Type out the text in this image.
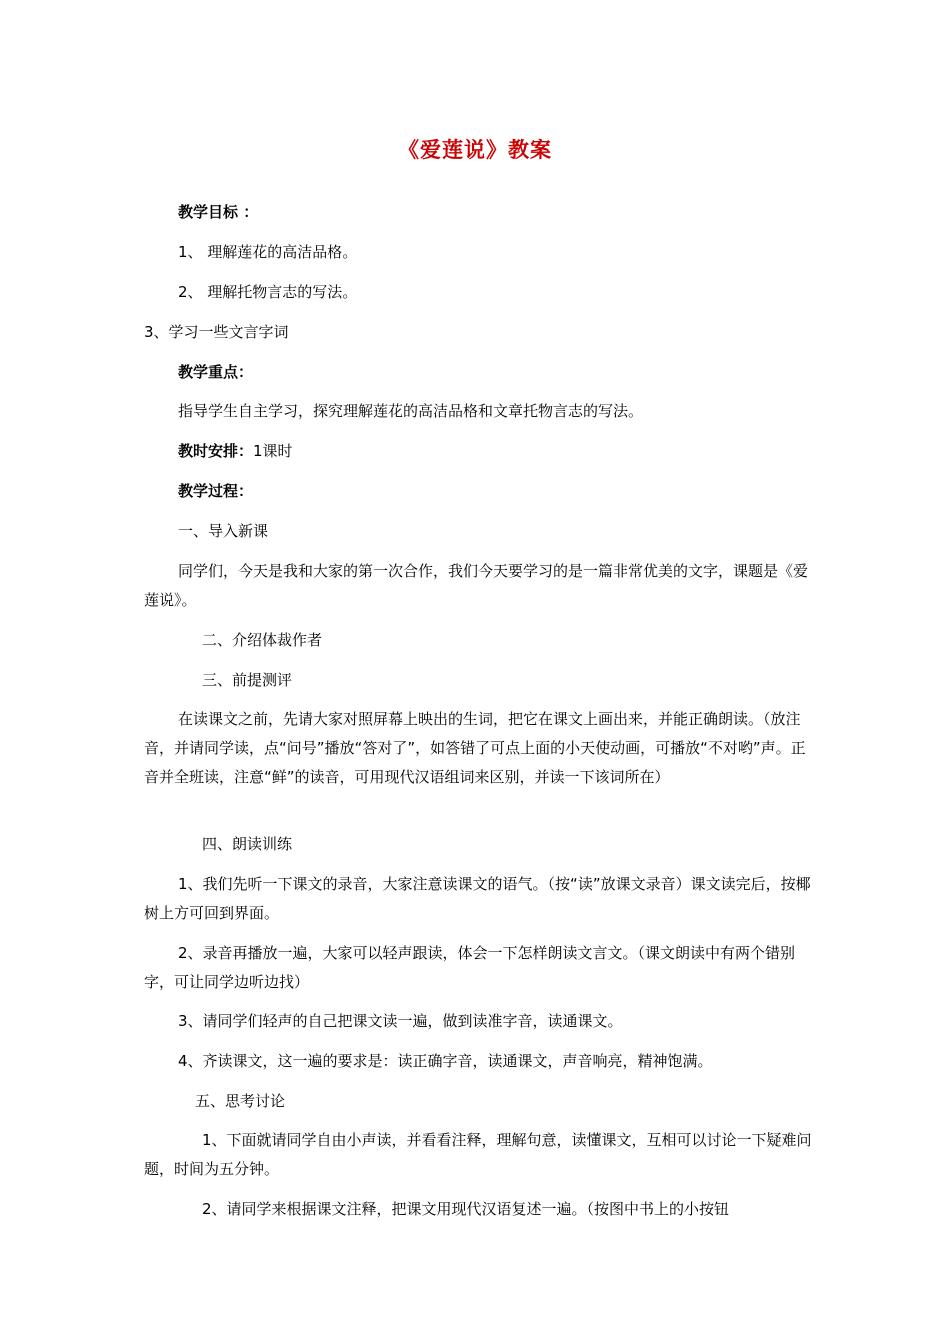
《爱莲说》教案
教学目标 ：
1、 理解莲花的高洁品格。
2、 理解托物言志的写法。
3、学习一些文言字词
教学重点：
指导学生自主学习，探究理解莲花的高洁品格和文章托物言志的写法。
教时安排：1课时
教学过程：
一、导入新课
同学们，今天是我和大家的第一次合作，我们今天要学习的是一篇非常优美的文字，课题是《爱莲说》。
二、介绍体裁作者
三、前提测评
在读课文之前，先请大家对照屏幕上映出的生词，把它在课文上画出来，并能正确朗读。（放注音，并请同学读，点“问号”播放“答对了”，如答错了可点上面的小天使动画，可播放“不对哟”声。正音并全班读，注意“鲜”的读音，可用现代汉语组词来区别，并读一下该词所在）
四、朗读训练
1、我们先听一下课文的录音，大家注意读课文的语气。（按“读”放课文录音）课文读完后，按椰树上方可回到界面。
2、录音再播放一遍，大家可以轻声跟读，体会一下怎样朗读文言文。（课文朗读中有两个错别字，可让同学边听边找）
3、请同学们轻声的自己把课文读一遍，做到读准字音，读通课文。
4、齐读课文，这一遍的要求是：读正确字音，读通课文，声音响亮，精神饱满。
五、思考讨论
1、下面就请同学自由小声读，并看看注释，理解句意，读懂课文，互相可以讨论一下疑难问题，时间为五分钟。
2、请同学来根据课文注释，把课文用现代汉语复述一遍。（按图中书上的小按钮
